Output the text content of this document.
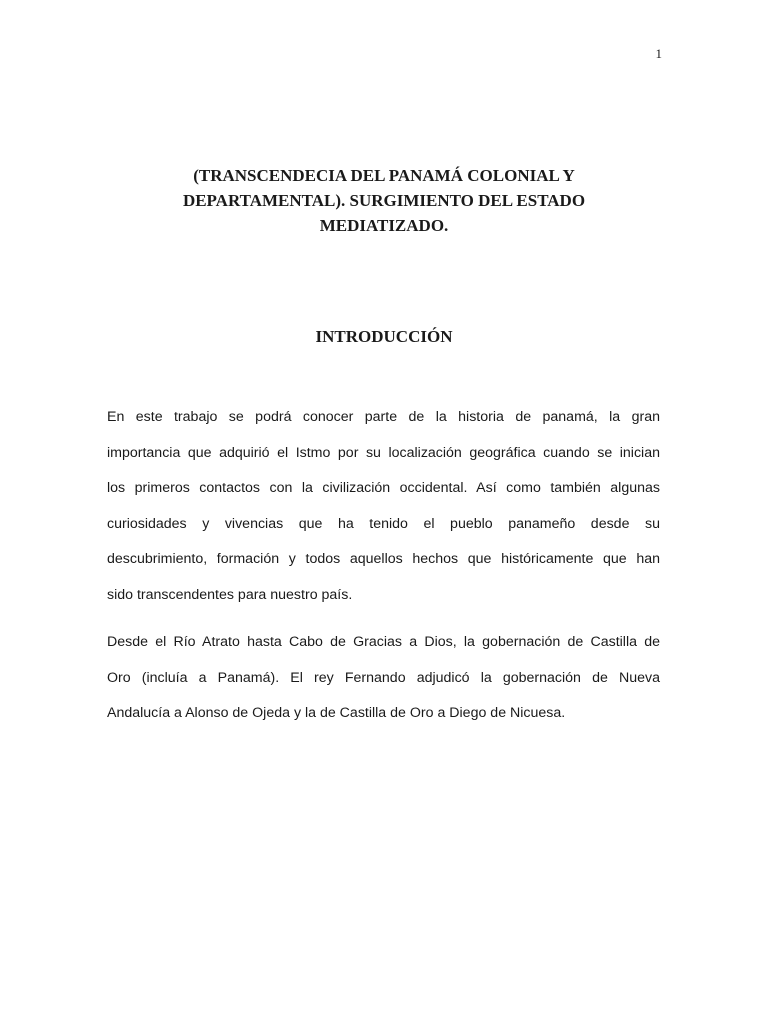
1
(TRANSCENDECIA DEL PANAMÁ COLONIAL Y
DEPARTAMENTAL). SURGIMIENTO DEL ESTADO
MEDIATIZADO.
INTRODUCCIÓN

En este trabajo se podrá conocer parte de la historia de panamá, la gran
importancia que adquirió el Istmo por su localización geográfica cuando se inician
los primeros contactos con la civilización occidental. Así como también algunas
curiosidades y vivencias que ha tenido el pueblo panameño desde su
descubrimiento, formación y todos aquellos hechos que históricamente que han
sido transcendentes para nuestro país.

Desde el Río Atrato hasta Cabo de Gracias a Dios, la gobernación de Castilla de
Oro (incluía a Panamá). El rey Fernando adjudicó la gobernación de Nueva
Andalucía a Alonso de Ojeda y la de Castilla de Oro a Diego de Nicuesa.
